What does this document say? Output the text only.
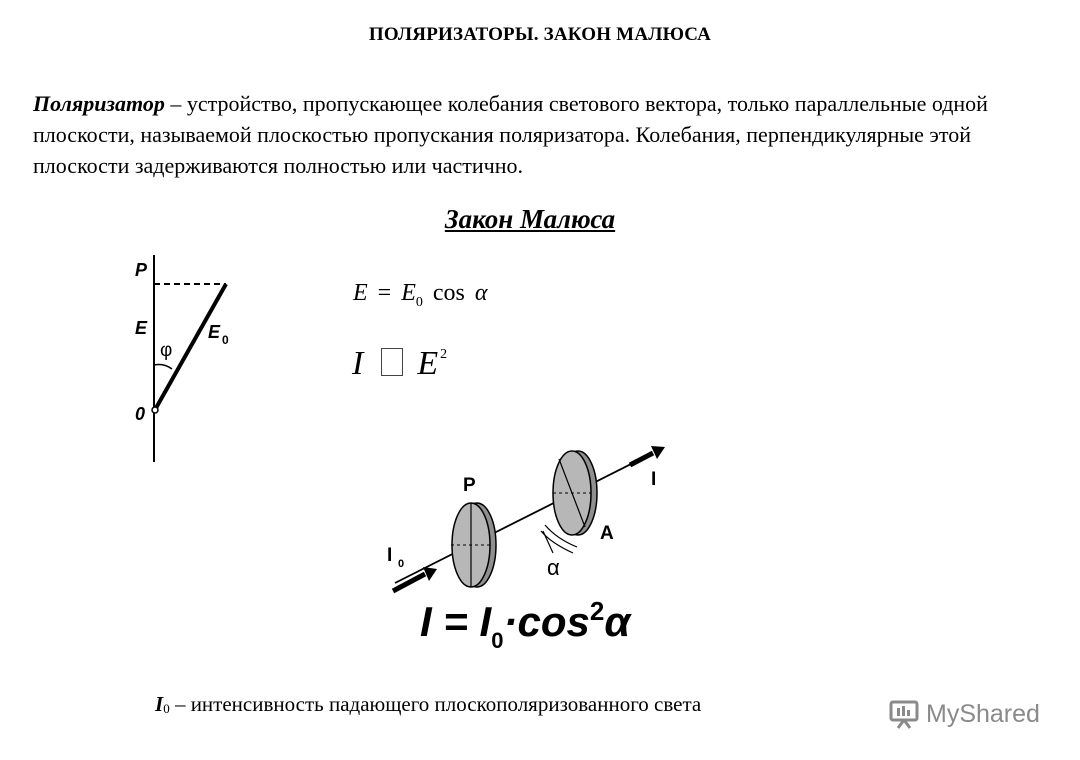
ПОЛЯРИЗАТОРЫ. ЗАКОН МАЛЮСА
Поляризатор – устройство, пропускающее колебания светового вектора, только параллельные одной плоскости, называемой плоскостью пропускания поляризатора. Колебания, перпендикулярные этой плоскости задерживаются полностью или частично.
Закон Малюса
P
E
φ
E 0
0
$E = E_0$ cos α
I E $^2$
P
A
I
I 0	α
$I = I_0\cdot\cos^2\alpha$
I0 – интенсивность падающего плоскополяризованного света	MyShared
